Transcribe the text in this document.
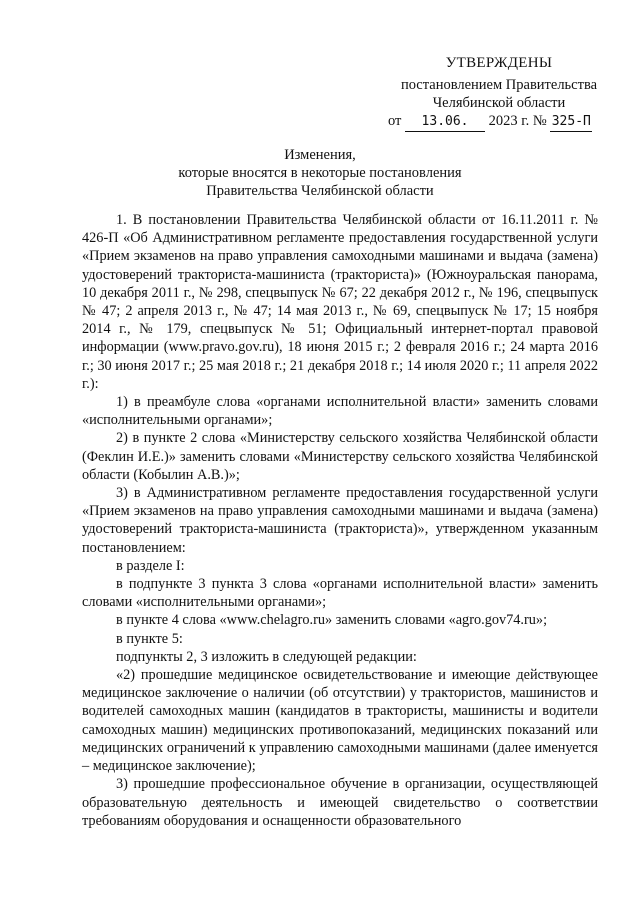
УТВЕРЖДЕНЫ
постановлением Правительства
Челябинской области
от 13.06. 2023 г. № 325-П
Изменения,
которые вносятся в некоторые постановления
Правительства Челябинской области

1. В постановлении Правительства Челябинской области от 16.11.2011 г. № 426-П «Об Административном регламенте предоставления государственной услуги «Прием экзаменов на право управления самоходными машинами и выдача (замена) удостоверений тракториста-машиниста (тракториста)» (Южноуральская панорама, 10 декабря 2011 г., № 298, спецвыпуск № 67; 22 декабря 2012 г., № 196, спецвыпуск № 47; 2 апреля 2013 г., № 47; 14 мая 2013 г., № 69, спецвыпуск № 17; 15 ноября 2014 г., № 179, спецвыпуск № 51; Официальный интернет-портал правовой информации (www.pravo.gov.ru), 18 июня 2015 г.; 2 февраля 2016 г.; 24 марта 2016 г.; 30 июня 2017 г.; 25 мая 2018 г.; 21 декабря 2018 г.; 14 июля 2020 г.; 11 апреля 2022 г.):

1) в преамбуле слова «органами исполнительной власти» заменить словами «исполнительными органами»;

2) в пункте 2 слова «Министерству сельского хозяйства Челябинской области (Феклин И.Е.)» заменить словами «Министерству сельского хозяйства Челябинской области (Кобылин А.В.)»;

3) в Административном регламенте предоставления государственной услуги «Прием экзаменов на право управления самоходными машинами и выдача (замена) удостоверений тракториста-машиниста (тракториста)», утвержденном указанным постановлением:

в разделе I:

в подпункте 3 пункта 3 слова «органами исполнительной власти» заменить словами «исполнительными органами»;

в пункте 4 слова «www.chelagro.ru» заменить словами «agro.gov74.ru»;

в пункте 5:

подпункты 2, 3 изложить в следующей редакции:

«2) прошедшие медицинское освидетельствование и имеющие действующее медицинское заключение о наличии (об отсутствии) у трактористов, машинистов и водителей самоходных машин (кандидатов в трактористы, машинисты и водители самоходных машин) медицинских противопоказаний, медицинских показаний или медицинских ограничений к управлению самоходными машинами (далее именуется – медицинское заключение);

3) прошедшие профессиональное обучение в организации, осуществляющей образовательную деятельность и имеющей свидетельство о соответствии требованиям оборудования и оснащенности образовательного
